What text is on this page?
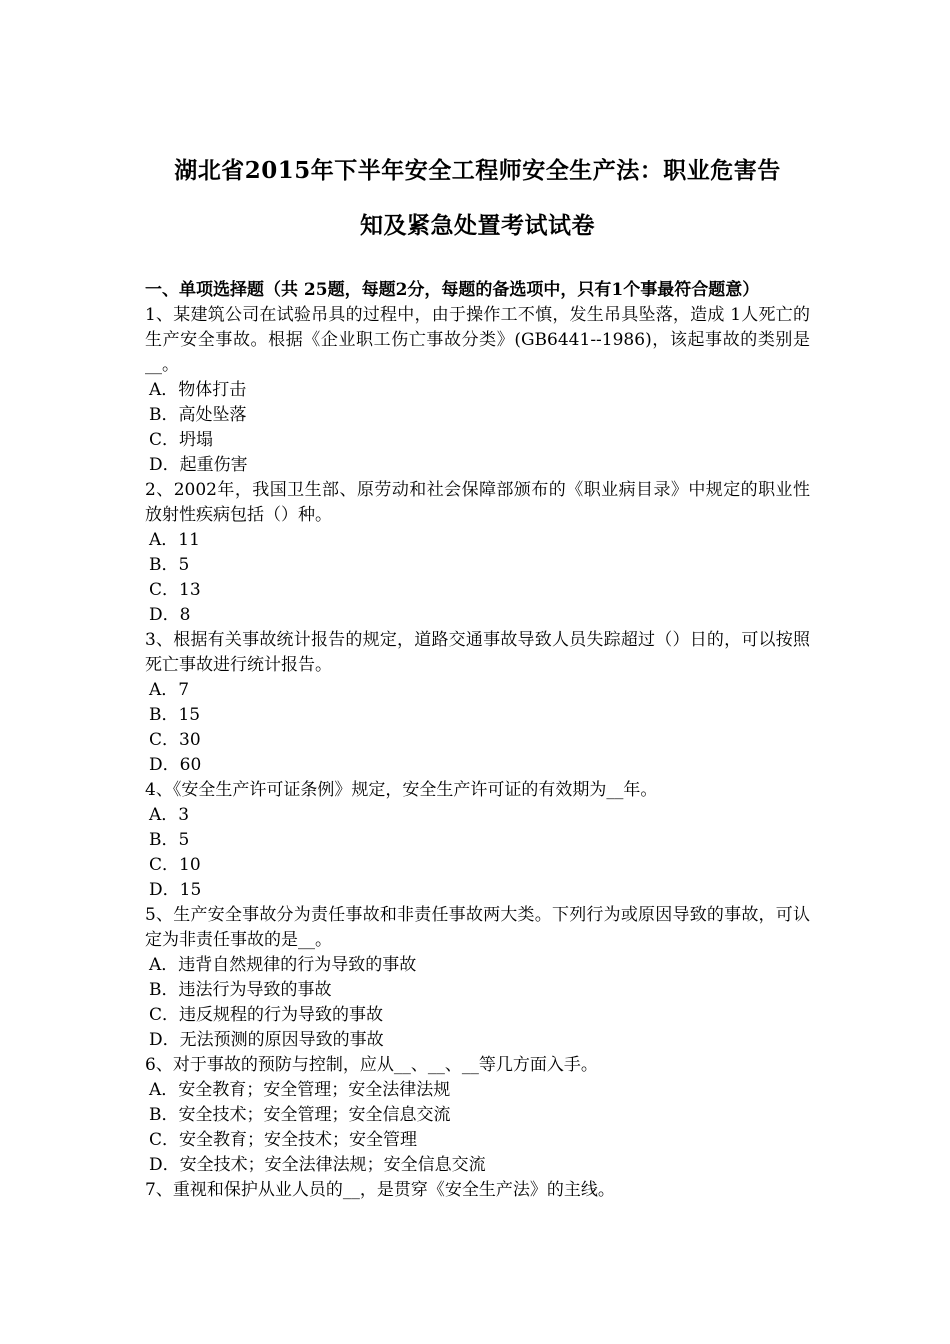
湖北省2015年下半年安全工程师安全生产法：职业危害告
知及紧急处置考试试卷
一、单项选择题（共 25题，每题2分，每题的备选项中，只有1个事最符合题意）
1、某建筑公司在试验吊具的过程中，由于操作工不慎，发生吊具坠落，造成 1人死亡的生产安全事故。根据《企业职工伤亡事故分类》(GB6441--1986)，该起事故的类别是__。
A．物体打击
B．高处坠落
C．坍塌
D．起重伤害
2、2002年，我国卫生部、原劳动和社会保障部颁布的《职业病目录》中规定的职业性放射性疾病包括（）种。
A．11
B．5
C．13
D．8
3、根据有关事故统计报告的规定，道路交通事故导致人员失踪超过（）日的，可以按照死亡事故进行统计报告。
A．7
B．15
C．30
D．60
4、《安全生产许可证条例》规定，安全生产许可证的有效期为__年。
A．3
B．5
C．10
D．15
5、生产安全事故分为责任事故和非责任事故两大类。下列行为或原因导致的事故，可认定为非责任事故的是__。
A．违背自然规律的行为导致的事故
B．违法行为导致的事故
C．违反规程的行为导致的事故
D．无法预测的原因导致的事故
6、对于事故的预防与控制，应从__、__、__等几方面入手。
A．安全教育；安全管理；安全法律法规
B．安全技术；安全管理；安全信息交流
C．安全教育；安全技术；安全管理
D．安全技术；安全法律法规；安全信息交流
7、重视和保护从业人员的__，是贯穿《安全生产法》的主线。
